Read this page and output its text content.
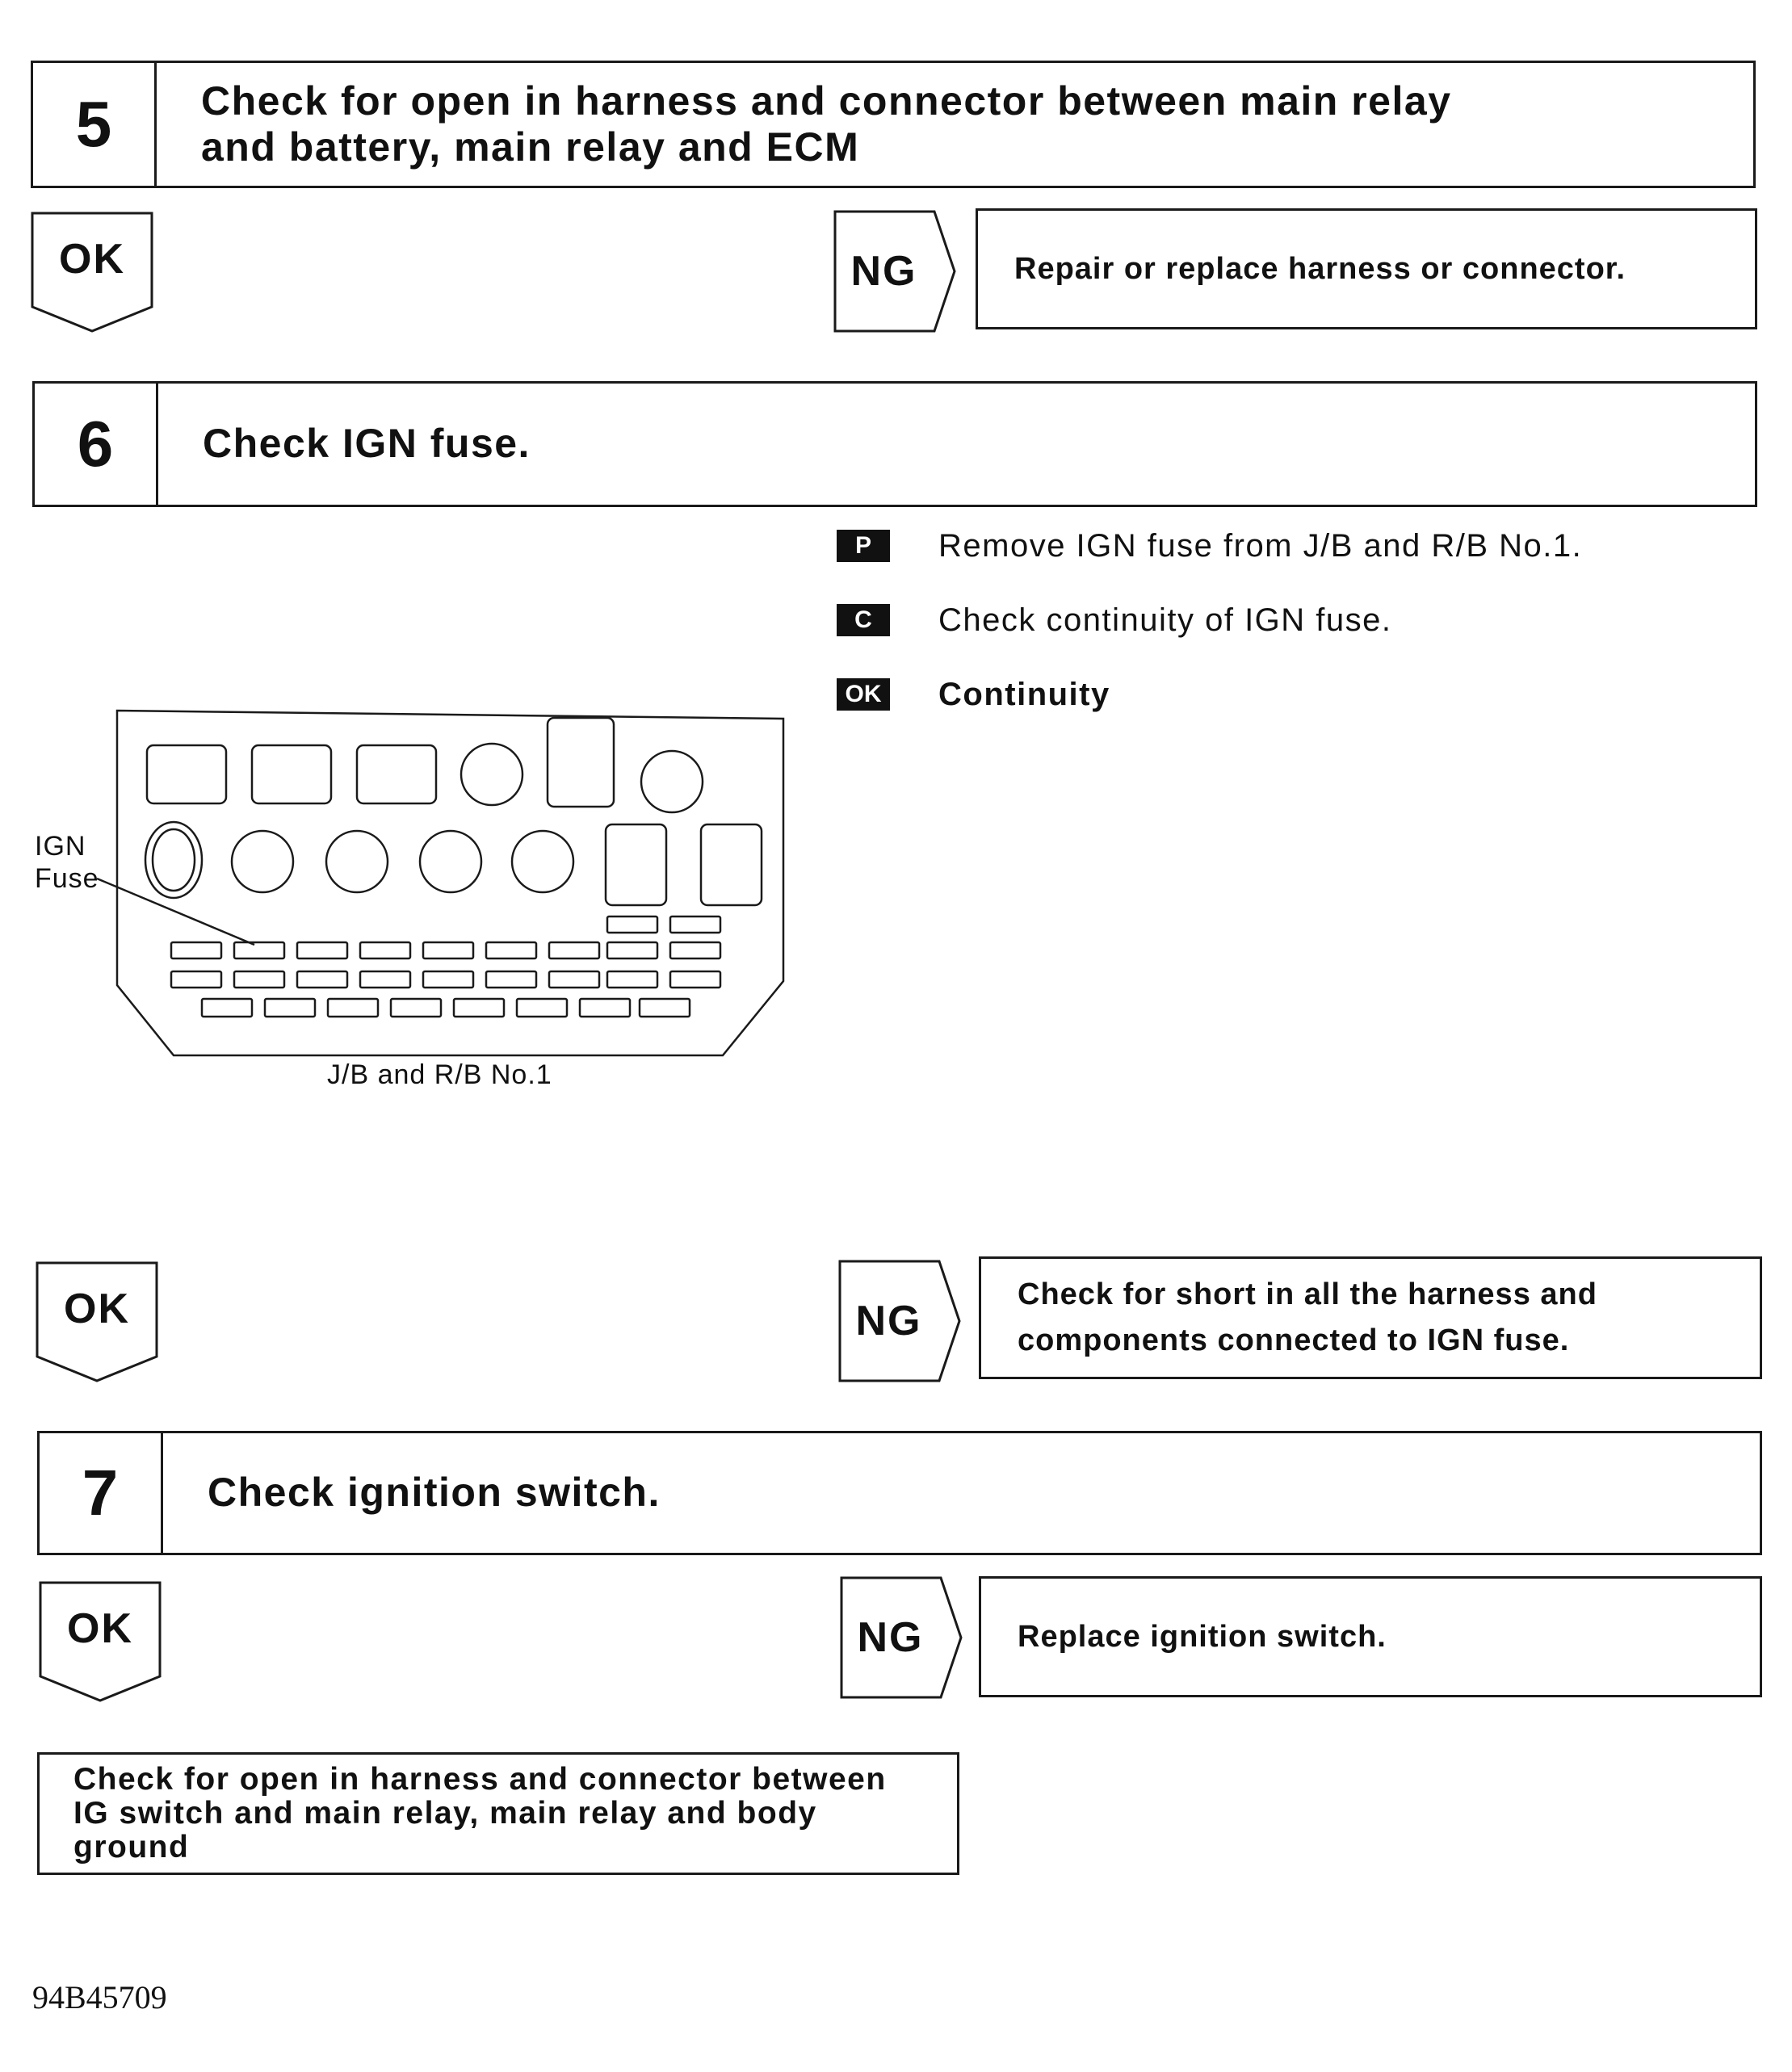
5	Check for open in harness and connector between main relay
and battery, main relay and ECM
OK	NG	Repair or replace harness or connector.
6	Check IGN fuse.
P	Remove IGN fuse from J/B and R/B No.1.
C	Check continuity of IGN fuse.
OK Continuity
IGN
Fuse
J/B and R/B No.1
OK	NG
Check for short in all the harness and
components connected to IGN fuse.
7	Check ignition switch.
OK	NG	Replace ignition switch.
Check for open in harness and connector between
IG switch and main relay, main relay and body
ground
94B45709
